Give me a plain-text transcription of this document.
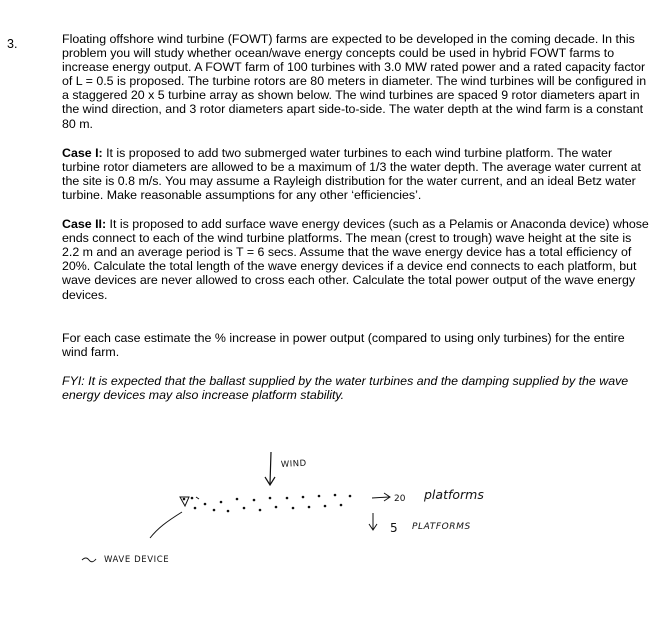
3.	Floating offshore wind turbine (FOWT) farms are expected to be developed in the coming decade. In this problem you will study whether ocean/wave energy concepts could be used in hybrid FOWT farms to increase energy output. A FOWT farm of 100 turbines with 3.0 MW rated power and a rated capacity factor of L = 0.5 is proposed. The turbine rotors are 80 meters in diameter. The wind turbines will be configured in a staggered 20 x 5 turbine array as shown below. The wind turbines are spaced 9 rotor diameters apart in the wind direction, and 3 rotor diameters apart side-to-side. The water depth at the wind farm is a constant 80 m.

Case I: It is proposed to add two submerged water turbines to each wind turbine platform. The water turbine rotor diameters are allowed to be a maximum of 1/3 the water depth. The average water current at the site is 0.8 m/s. You may assume a Rayleigh distribution for the water current, and an ideal Betz water turbine. Make reasonable assumptions for any other ‘efficiencies’.

Case II: It is proposed to add surface wave energy devices (such as a Pelamis or Anaconda device) whose ends connect to each of the wind turbine platforms. The mean (crest to trough) wave height at the site is 2.2 m and an average period is T = 6 secs. Assume that the wave energy device has a total efficiency of 20%. Calculate the total length of the wave energy devices if a device end connects to each platform, but wave devices are never allowed to cross each other. Calculate the total power output of the wave energy devices.

For each case estimate the % increase in power output (compared to using only turbines) for the entire wind farm.

FYI: It is expected that the ballast supplied by the water turbines and the damping supplied by the wave energy devices may also increase platform stability.

WIND
20 platforms
5 PLATFORMS
WAVE DEVICE
